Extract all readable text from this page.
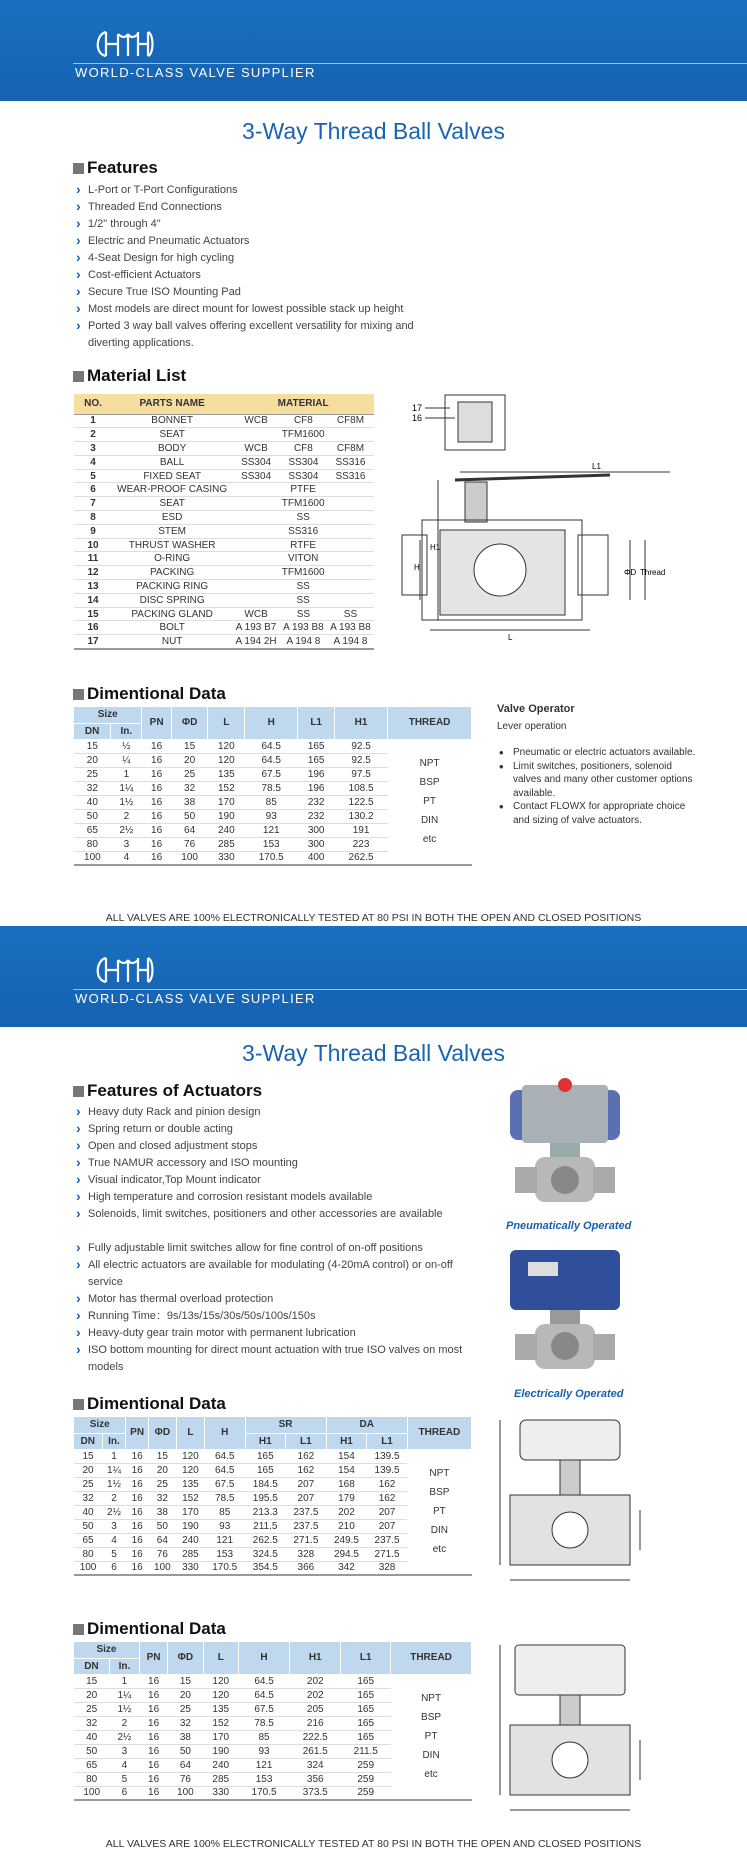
WORLD-CLASS VALVE SUPPLIER
3-Way Thread Ball Valves
Features
› L-Port or T-Port Configurations
› Threaded End Connections
› 1/2" through 4"
› Electric and Pneumatic Actuators
› 4-Seat Design for high cycling
› Cost-efficient Actuators
› Secure True ISO Mounting Pad
› Most models are direct mount for lowest possible stack up height
› Ported 3 way ball valves offering excellent versatility for mixing and diverting applications.
Material List
NO.	PARTS NAME	MATERIAL		
1	BONNET	WCB	CF8	CF8M
2	SEAT	TFM1600		
3	BODY	WCB	CF8	CF8M
4	BALL	SS304	SS304	SS316
5	FIXED SEAT	SS304	SS304	SS316
6	WEAR-PROOF CASING	PTFE		
7	SEAT	TFM1600		
8	ESD	SS		
9	STEM	SS316		
10	THRUST WASHER	RTFE		
11	O-RING	VITON		
12	PACKING	TFM1600		
13	PACKING RING	SS		
14	DISC SPRING	SS		
15	PACKING GLAND	WCB	SS	SS
16	BOLT	A 193 B7	A 193 B8	A 193 B8
17	NUT	A 194 2H	A 194 8	A 194 8
17
16
L1
H1
H
ΦD Thread
L
Dimentional Data
Size		PN	ΦD	L	H	L1	H1	THREAD
DN	In.							
15	½	16	15	120	64.5	165	92.5	NPT
BSP
PT
DIN
etc

20	¼	16	20	120	64.5	165	92.5	
25	1	16	25	135	67.5	196	97.5	
32	1¼	16	32	152	78.5	196	108.5	
40	1½	16	38	170	85	232	122.5	
50	2	16	50	190	93	232	130.2	
65	2½	16	64	240	121	300	191	
80	3	16	76	285	153	300	223	
100	4	16	100	330	170.5	400	262.5	
Valve Operator
Lever operation
• Pneumatic or electric actuators available.
• Limit switches, positioners, solenoid valves and many other customer options available.
• Contact FLOWX for appropriate choice and sizing of valve actuators.
ALL VALVES ARE 100% ELECTRONICALLY TESTED AT 80 PSI IN BOTH THE OPEN AND CLOSED POSITIONS
WORLD-CLASS VALVE SUPPLIER
3-Way Thread Ball Valves
Features of Actuators
› Heavy duty Rack and pinion design
› Spring return or double acting
› Open and closed adjustment stops
› True NAMUR accessory and ISO mounting
› Visual indicator,Top Mount indicator
› High temperature and corrosion resistant models available
› Solenoids, limit switches, positioners and other accessories are available
› Fully adjustable limit switches allow for fine control of on-off positions
› All electric actuators are available for modulating (4-20mA control) or on-off service
› Motor has thermal overload protection
› Running Time：9s/13s/15s/30s/50s/100s/150s
› Heavy-duty gear train motor with permanent lubrication
› ISO bottom mounting for direct mount actuation with true ISO valves on most models
Pneumatically Operated
Electrically Operated
Dimentional Data
Size		PN	ΦD	L	H	SR		DA		THREAD
DN	In.					H1	L1	H1	L1	
15	1	16	15	120	64.5	165	162	154	139.5	NPT
BSP
PT
DIN
etc

20	1¼	16	20	120	64.5	165	162	154	139.5	
25	1½	16	25	135	67.5	184.5	207	168	162	
32	2	16	32	152	78.5	195.5	207	179	162	
40	2½	16	38	170	85	213.3	237.5	202	207	
50	3	16	50	190	93	211.5	237.5	210	207	
65	4	16	64	240	121	262.5	271.5	249.5	237.5	
80	5	16	76	285	153	324.5	328	294.5	271.5	
100	6	16	100	330	170.5	354.5	366	342	328	
Dimentional Data
Size		PN	ΦD	L	H	H1	L1	THREAD
DN	In.							
15	1	16	15	120	64.5	202	165	NPT
BSP
PT
DIN
etc

20	1¼	16	20	120	64.5	202	165	
25	1½	16	25	135	67.5	205	165	
32	2	16	32	152	78.5	216	165	
40	2½	16	38	170	85	222.5	165	
50	3	16	50	190	93	261.5	211.5	
65	4	16	64	240	121	324	259	
80	5	16	76	285	153	356	259	
100	6	16	100	330	170.5	373.5	259	
ALL VALVES ARE 100% ELECTRONICALLY TESTED AT 80 PSI IN BOTH THE OPEN AND CLOSED POSITIONS
